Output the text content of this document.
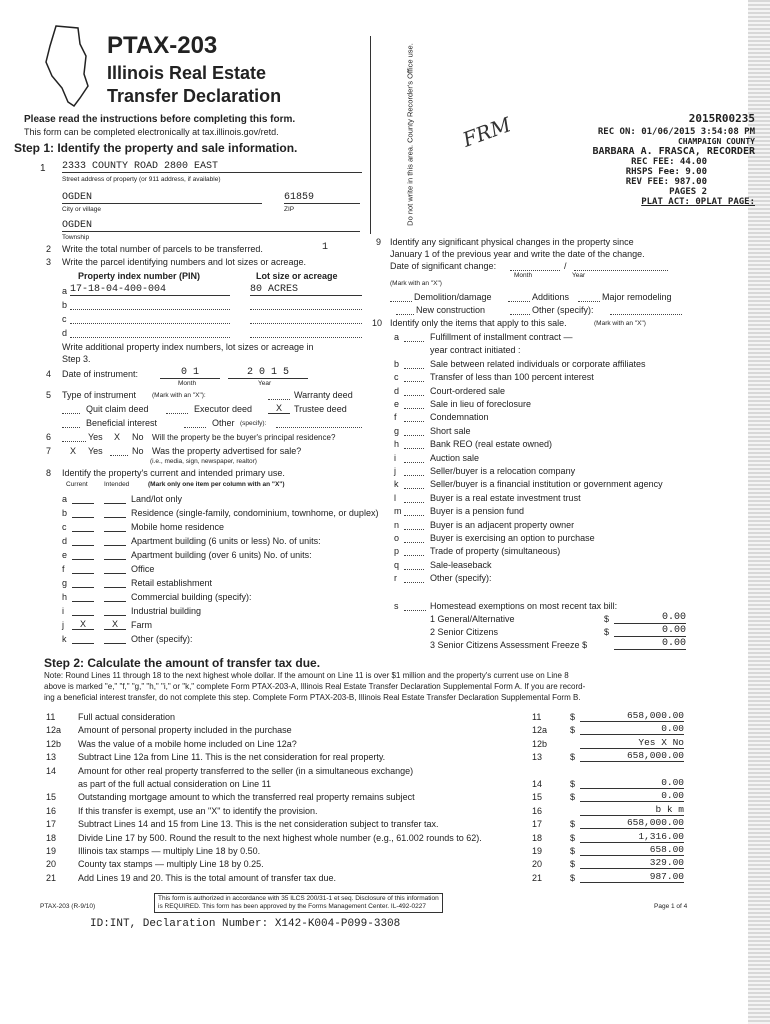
PTAX-203
Illinois Real Estate
Transfer Declaration
Please read the instructions before completing this form.
This form can be completed electronically at tax.illinois.gov/retd.
Step 1: Identify the property and sale information.	Do not write in this area. County Recorder's Office use. FRM	2015R00235
REC ON: 01/06/2015 3:54:08 PM
CHAMPAIGN COUNTY
BARBARA A. FRASCA, RECORDER
REC FEE: 44.00
RHSPS Fee: 9.00
REV FEE: 987.00
PAGES 2
PLAT ACT: 0PLAT PAGE:
1 2333 COUNTY ROAD 2800 EAST
Street address of property (or 911 address, if available)
OGDEN	61859
City or village	ZIP
OGDEN
Township
2 Write the total number of parcels to be transferred.	1
3 Write the parcel identifying numbers and lot sizes or acreage.
Property index number (PIN)	Lot size or acreage
a 17-18-04-400-004	80 ACRES
b
c
d
Write additional property index numbers, lot sizes or acreage in
Step 3.
4 Date of instrument:	0 1	2 0 1 5
Month	Year
5 Type of instrument (Mark with an "X"):	Warranty deed
Quit claim deed	Executor deed	X	Trustee deed
Beneficial interest	Other (specify):
6	Yes X No Will the property be the buyer's principal residence?
7 X Yes	No Was the property advertised for sale?
(i.e., media, sign, newspaper, realtor)
8 Identify the property's current and intended primary use.
Current	Intended	(Mark only one item per column with an "X")
a	Land/lot only
b	Residence (single-family, condominium, townhome, or duplex)
c	Mobile home residence
d	Apartment building (6 units or less) No. of units:
e	Apartment building (over 6 units) No. of units:
f	Office
g	Retail establishment
h	Commercial building (specify):
i	Industrial building
j	X	X	Farm
k	Other (specify):
9 Identify any significant physical changes in the property since
January 1 of the previous year and write the date of the change.
Date of significant change:	/
Month	Year
(Mark with an "X")
Demolition/damage	Additions	Major remodeling
New construction	Other (specify):
10 Identify only the items that apply to this sale.	(Mark with an "X")
a	Fulfillment of installment contract —
year contract initiated :
b	Sale between related individuals or corporate affiliates
c	Transfer of less than 100 percent interest
d	Court-ordered sale
e	Sale in lieu of foreclosure
f	Condemnation
g	Short sale
h	Bank REO (real estate owned)
i	Auction sale
j	Seller/buyer is a relocation company
k	Seller/buyer is a financial institution or government agency
l	Buyer is a real estate investment trust
m	Buyer is a pension fund
n	Buyer is an adjacent property owner
o	Buyer is exercising an option to purchase
p	Trade of property (simultaneous)
q	Sale-leaseback
r	Other (specify):
s	Homestead exemptions on most recent tax bill:
1 General/Alternative	$	0.00
2 Senior Citizens	$	0.00
3 Senior Citizens Assessment Freeze $	0.00
Step 2: Calculate the amount of transfer tax due.
Note: Round Lines 11 through 18 to the next highest whole dollar. If the amount on Line 11 is over $1 million and the property's current use on Line 8
above is marked "e," "f," "g," "h," "i," or "k," complete Form PTAX-203-A, Illinois Real Estate Transfer Declaration Supplemental Form A. If you are record-
ing a beneficial interest transfer, do not complete this step. Complete Form PTAX-203-B, Illinois Real Estate Transfer Declaration Supplemental Form B.
11	Full actual consideration	11	$	658,000.00
12a Amount of personal property included in the purchase	12a	$	0.00
12b Was the value of a mobile home included on Line 12a?	12b	Yes X No
13 Subtract Line 12a from Line 11. This is the net consideration for real property.	13	$	658,000.00
14 Amount for other real property transferred to the seller (in a simultaneous exchange)
as part of the full actual consideration on Line 11	14	$	0.00
15 Outstanding mortgage amount to which the transferred real property remains subject	15	$	0.00
16 If this transfer is exempt, use an "X" to identify the provision.	16	b k m
17 Subtract Lines 14 and 15 from Line 13. This is the net consideration subject to transfer tax.	17	$	658,000.00
18 Divide Line 17 by 500. Round the result to the next highest whole number (e.g., 61.002 rounds to 62).	18	$	1,316.00
19 Illinois tax stamps — multiply Line 18 by 0.50.	19	$	658.00
20 County tax stamps — multiply Line 18 by 0.25.	20	$	329.00
21 Add Lines 19 and 20. This is the total amount of transfer tax due.	21	$	987.00
PTAX-203 (R-9/10)
This form is authorized in accordance with 35 ILCS 200/31-1 et seq. Disclosure of this information
is REQUIRED. This form has been approved by the Forms Management Center. IL-492-0227	Page 1 of 4
ID:INT, Declaration Number: X142-K004-P099-3308
